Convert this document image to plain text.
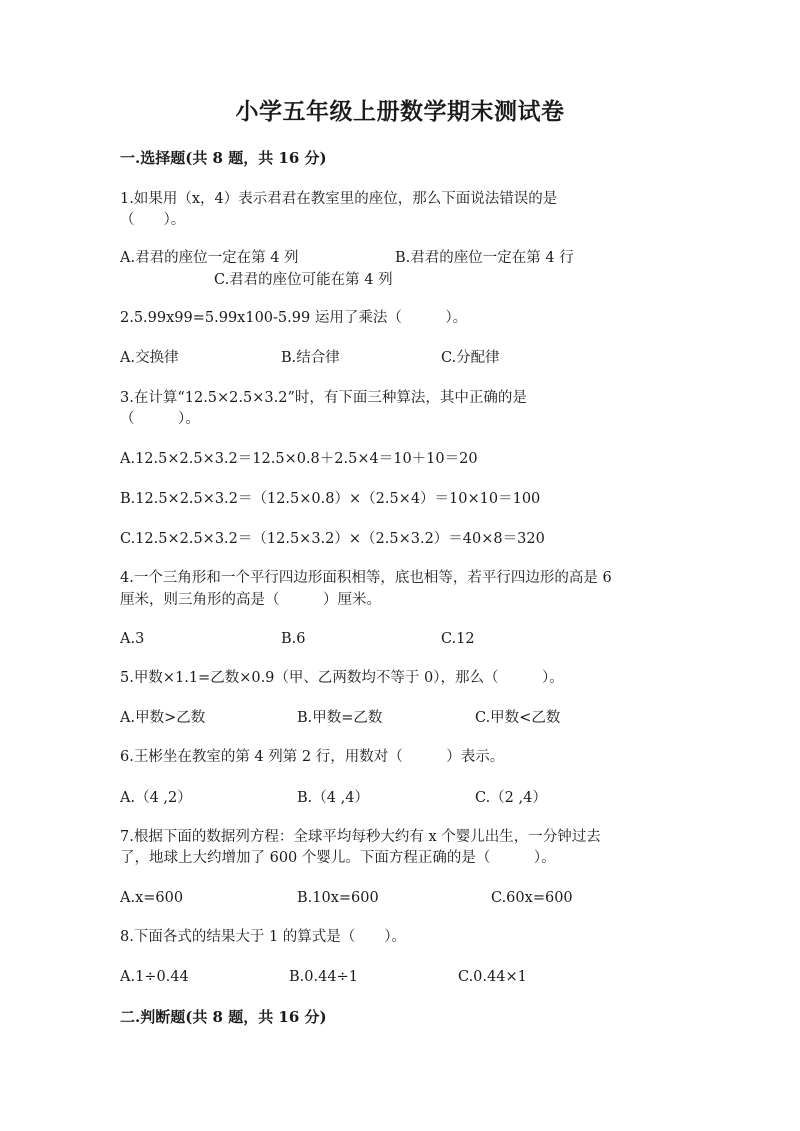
小学五年级上册数学期末测试卷
一.选择题(共 8 题，共 16 分)
1.如果用（x，4）表示君君在教室里的座位，那么下面说法错误的是
（　　）。
A.君君的座位一定在第 4 列	B.君君的座位一定在第 4 行
C.君君的座位可能在第 4 列
2.5.99x99=5.99x100-5.99 运用了乘法（　　　）。
A.交换律	B.结合律	C.分配律
3.在计算“12.5×2.5×3.2”时，有下面三种算法，其中正确的是
（　　　）。
A.12.5×2.5×3.2＝12.5×0.8＋2.5×4＝10＋10＝20
B.12.5×2.5×3.2＝（12.5×0.8）×（2.5×4）＝10×10＝100
C.12.5×2.5×3.2＝（12.5×3.2）×（2.5×3.2）＝40×8＝320
4.一个三角形和一个平行四边形面积相等，底也相等，若平行四边形的高是 6
厘米，则三角形的高是（　　　）厘米。
A.3	B.6	C.12
5.甲数×1.1=乙数×0.9（甲、乙两数均不等于 0），那么（　　　）。
A.甲数>乙数	B.甲数=乙数	C.甲数<乙数
6.王彬坐在教室的第 4 列第 2 行，用数对（　　　）表示。
A.（4 ,2）	B.（4 ,4）	C.（2 ,4）
7.根据下面的数据列方程：全球平均每秒大约有 x 个婴儿出生，一分钟过去
了，地球上大约增加了 600 个婴儿。下面方程正确的是（　　　）。
A.x=600	B.10x=600	C.60x=600
8.下面各式的结果大于 1 的算式是（　　）。
A.1÷0.44	B.0.44÷1	C.0.44×1
二.判断题(共 8 题，共 16 分)
